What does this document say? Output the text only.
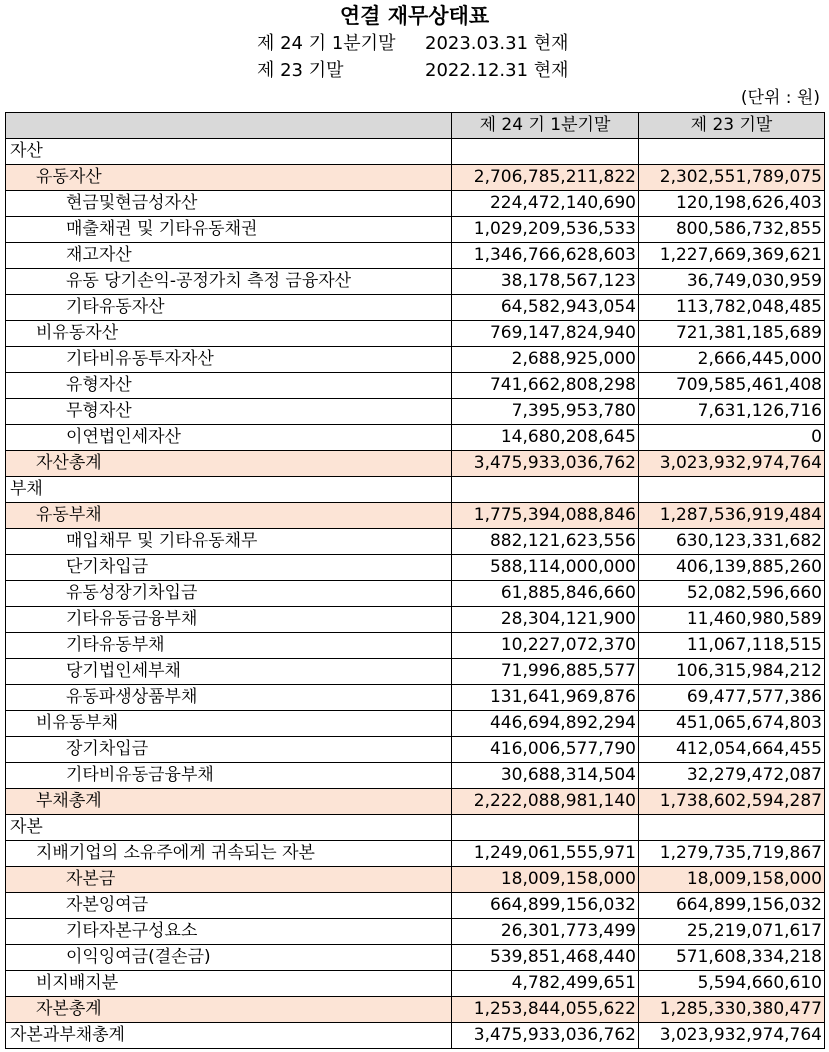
연결 재무상태표
제 24 기 1분기말 2023.03.31 현재
제 23 기말	2022.12.31 현재
(단위 : 원)
	제 24 기 1분기말	제 23 기말
자산		
유동자산	2,706,785,211,822	2,302,551,789,075
현금및현금성자산	224,472,140,690	120,198,626,403
매출채권 및 기타유동채권	1,029,209,536,533	800,586,732,855
재고자산	1,346,766,628,603	1,227,669,369,621
유동 당기손익-공정가치 측정 금융자산	38,178,567,123	36,749,030,959
기타유동자산	64,582,943,054	113,782,048,485
비유동자산	769,147,824,940	721,381,185,689
기타비유동투자자산	2,688,925,000	2,666,445,000
유형자산	741,662,808,298	709,585,461,408
무형자산	7,395,953,780	7,631,126,716
이연법인세자산	14,680,208,645	0
자산총계	3,475,933,036,762	3,023,932,974,764
부채		
유동부채	1,775,394,088,846	1,287,536,919,484
매입채무 및 기타유동채무	882,121,623,556	630,123,331,682
단기차입금	588,114,000,000	406,139,885,260
유동성장기차입금	61,885,846,660	52,082,596,660
기타유동금융부채	28,304,121,900	11,460,980,589
기타유동부채	10,227,072,370	11,067,118,515
당기법인세부채	71,996,885,577	106,315,984,212
유동파생상품부채	131,641,969,876	69,477,577,386
비유동부채	446,694,892,294	451,065,674,803
장기차입금	416,006,577,790	412,054,664,455
기타비유동금융부채	30,688,314,504	32,279,472,087
부채총계	2,222,088,981,140	1,738,602,594,287
자본		
지배기업의 소유주에게 귀속되는 자본	1,249,061,555,971	1,279,735,719,867
자본금	18,009,158,000	18,009,158,000
자본잉여금	664,899,156,032	664,899,156,032
기타자본구성요소	26,301,773,499	25,219,071,617
이익잉여금(결손금)	539,851,468,440	571,608,334,218
비지배지분	4,782,499,651	5,594,660,610
자본총계	1,253,844,055,622	1,285,330,380,477
자본과부채총계	3,475,933,036,762	3,023,932,974,764
